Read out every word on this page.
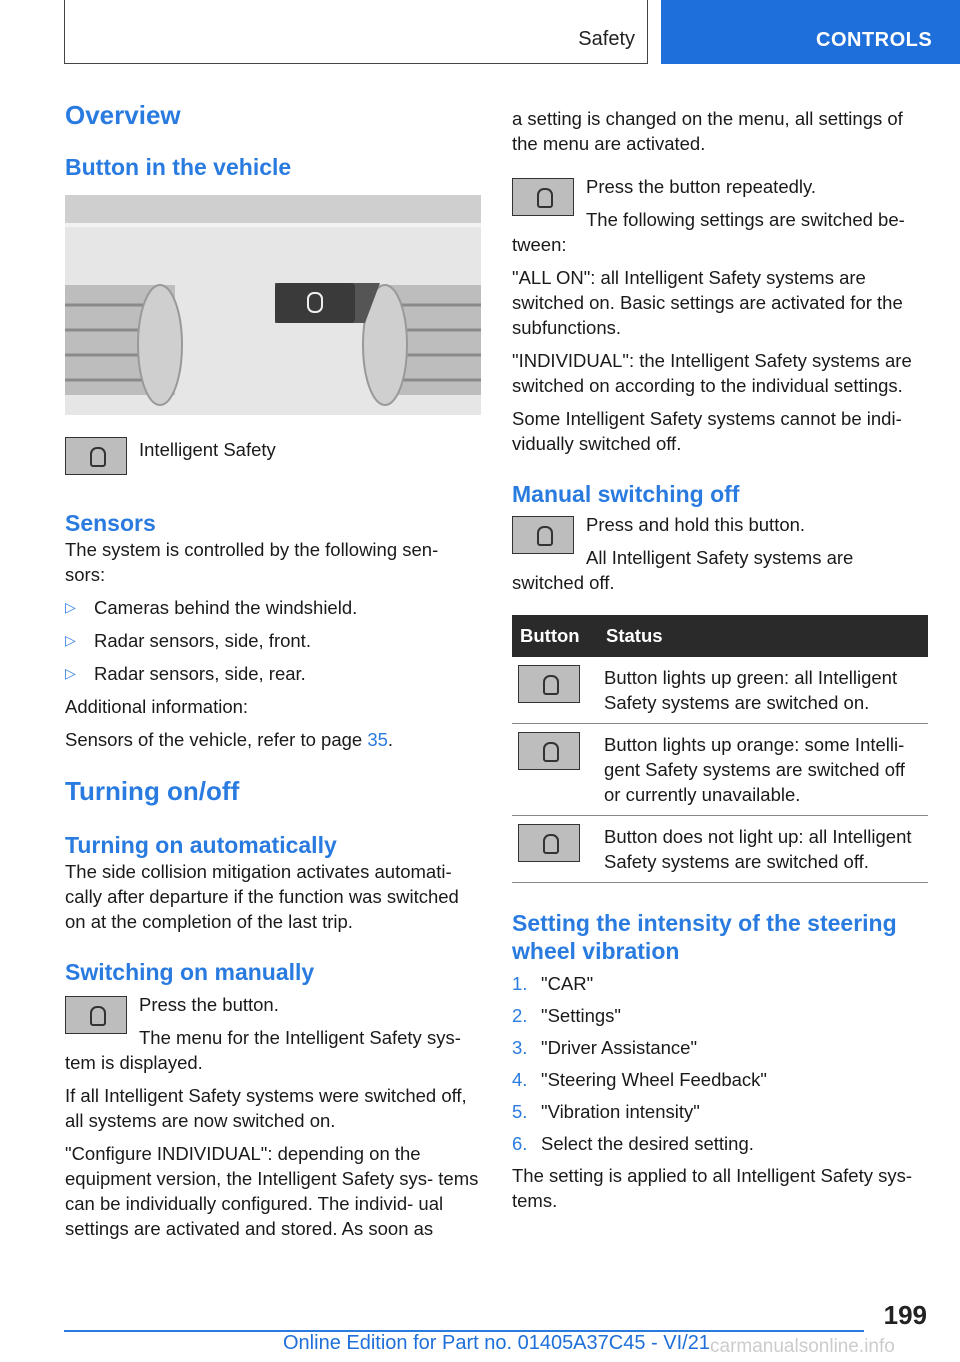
Safety	CONTROLS
Overview
Button in the vehicle

Intelligent Safety

Sensors

The system is controlled by the following sen‐ sors:

▷ Cameras behind the windshield.
▷ Radar sensors, side, front.
▷ Radar sensors, side, rear.

Additional information:

Sensors of the vehicle, refer to page 35.

Turning on/off
Turning on automatically

The side collision mitigation activates automati‐ cally after departure if the function was switched on at the completion of the last trip.

Switching on manually

Press the button.

The menu for the Intelligent Safety sys‐ tem is displayed.

If all Intelligent Safety systems were switched off, all systems are now switched on.

"Configure INDIVIDUAL": depending on the equipment version, the Intelligent Safety sys‐ tems can be individually configured. The individ‐ ual settings are activated and stored. As soon as

a setting is changed on the menu, all settings of the menu are activated.

Press the button repeatedly.

The following settings are switched be‐ tween:

"ALL ON": all Intelligent Safety systems are switched on. Basic settings are activated for the subfunctions.

"INDIVIDUAL": the Intelligent Safety systems are switched on according to the individual settings.

Some Intelligent Safety systems cannot be indi‐ vidually switched off.

Manual switching off

Press and hold this button.

All Intelligent Safety systems are switched off.

Button	Status
	Button lights up green: all Intelligent Safety systems are switched on.
	Button lights up orange: some Intelli‐ gent Safety systems are switched off or currently unavailable.
	Button does not light up: all Intelligent Safety systems are switched off.
Setting the intensity of the steering wheel vibration
1. "CAR"
2. "Settings"
3. "Driver Assistance"
4. "Steering Wheel Feedback"
5. "Vibration intensity"
6. Select the desired setting.

The setting is applied to all Intelligent Safety sys‐ tems.

199
Online Edition for Part no. 01405A37C45 - VI/21 carmanualsonline.info
